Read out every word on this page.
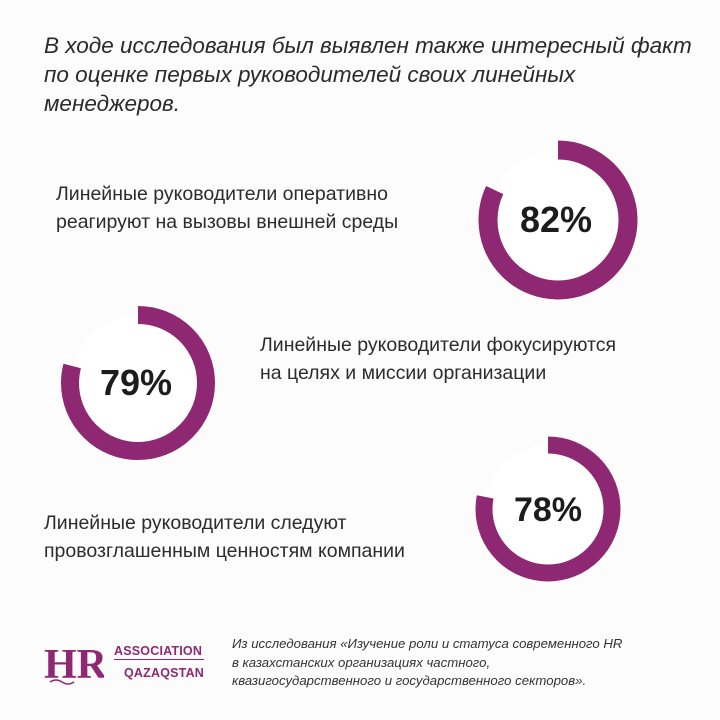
В ходе исследования был выявлен также интересный факт по оценке первых руководителей своих линейных менеджеров.

Линейные руководители оперативно
реагируют на вызовы внешней среды	82%
79%

Линейные руководители фокусируются
на целях и миссии организации

Линейные руководители следуют
провозглашенным ценностям компании

78%
HR ASSOCIATION
QAZAQSTAN

Из исследования «Изучение роли и статуса современного HR
в казахстанских организациях частного,
квазигосударственного и государственного секторов».
